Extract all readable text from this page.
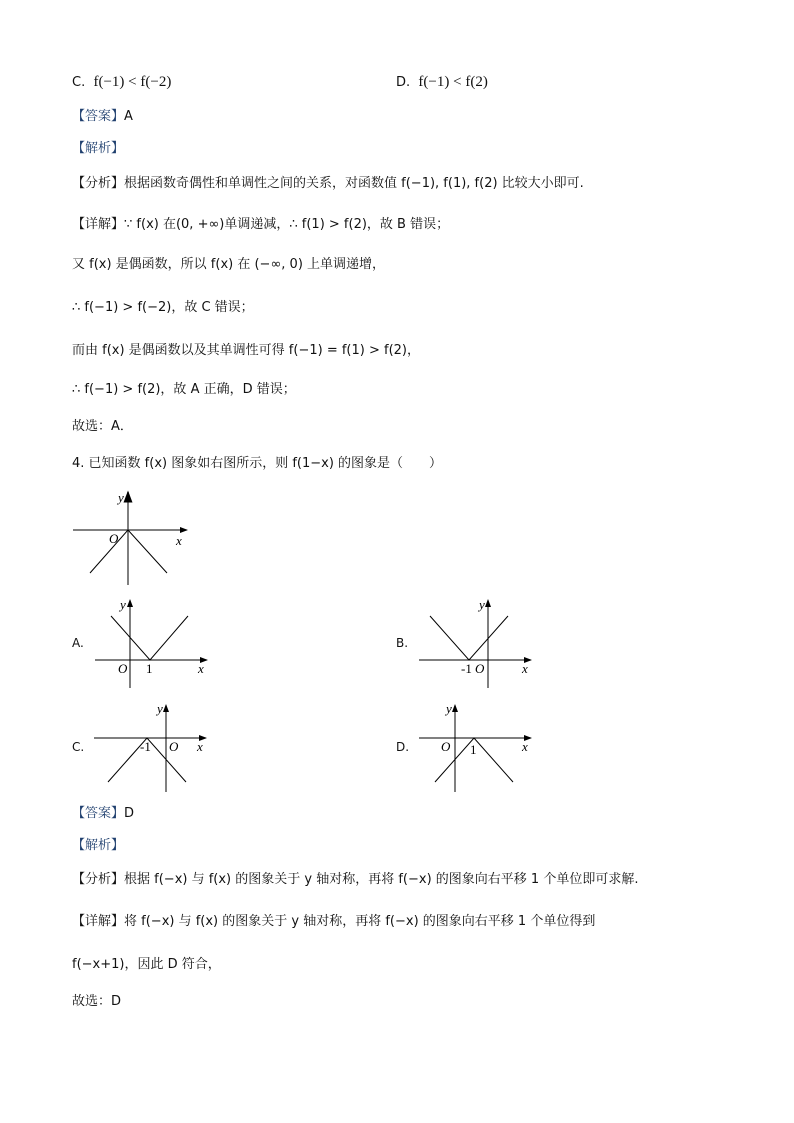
C. f(−1) < f(−2)	D. f(−1) < f(2)
【答案】A
【解析】
【分析】根据函数奇偶性和单调性之间的关系，对函数值 f(−1), f(1), f(2) 比较大小即可.
【详解】∵ f(x) 在(0, +∞)单调递减，∴ f(1) > f(2)，故 B 错误；
又 f(x) 是偶函数，所以 f(x) 在 (−∞, 0) 上单调递增，
∴ f(−1) > f(−2)，故 C 错误；
而由 f(x) 是偶函数以及其单调性可得 f(−1) = f(1) > f(2)，
∴ f(−1) > f(2)，故 A 正确，D 错误；
故选：A．
4. 已知函数 f(x) 图象如右图所示，则 f(1−x) 的图象是（　　）
y
x
O
y
x
O
y
x
O
y
x
O
y
x
O
1	-1
-1	1
A.	B.
C.	D.
【答案】D
【解析】
【分析】根据 f(−x) 与 f(x) 的图象关于 y 轴对称，再将 f(−x) 的图象向右平移 1 个单位即可求解.
【详解】将 f(−x) 与 f(x) 的图象关于 y 轴对称，再将 f(−x) 的图象向右平移 1 个单位得到
f(−x+1)，因此 D 符合，
故选：D
